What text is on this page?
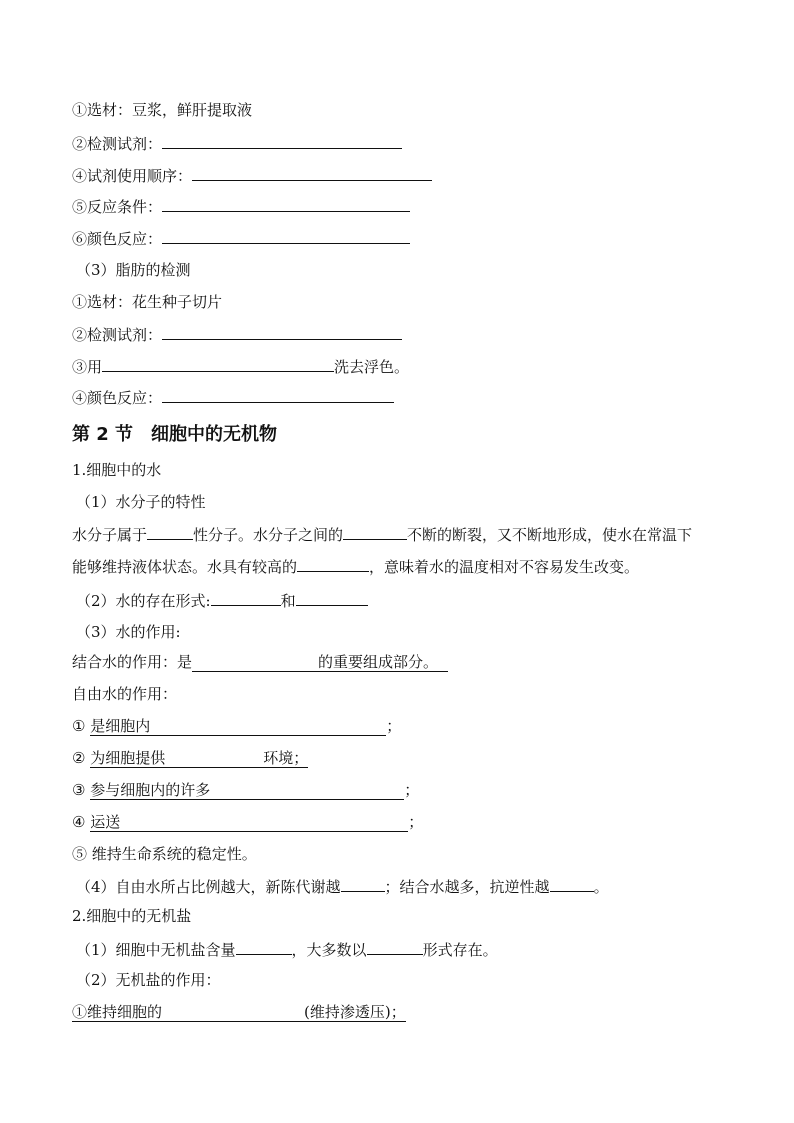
①选材：豆浆，鲜肝提取液
②检测试剂：
④试剂使用顺序：
⑤反应条件：
⑥颜色反应：
（3）脂肪的检测
①选材：花生种子切片
②检测试剂：
③用	洗去浮色。
④颜色反应：
第 2 节　细胞中的无机物
1.细胞中的水
（1）水分子的特性
水分子属于	性分子。水分子之间的	不断的断裂，又不断地形成，使水在常温下
能够维持液体状态。水具有较高的	，意味着水的温度相对不容易发生改变。
（2）水的存在形式:	和
（3）水的作用:
结合水的作用：是	的重要组成部分。
自由水的作用：
① 是细胞内	；
② 为细胞提供	环境；
③ 参与细胞内的许多	；
④ 运送	；
⑤ 维持生命系统的稳定性。
（4）自由水所占比例越大，新陈代谢越	；结合水越多，抗逆性越	。
2.细胞中的无机盐
（1）细胞中无机盐含量	，大多数以	形式存在。
（2）无机盐的作用：
①维持细胞的	(维持渗透压)；
